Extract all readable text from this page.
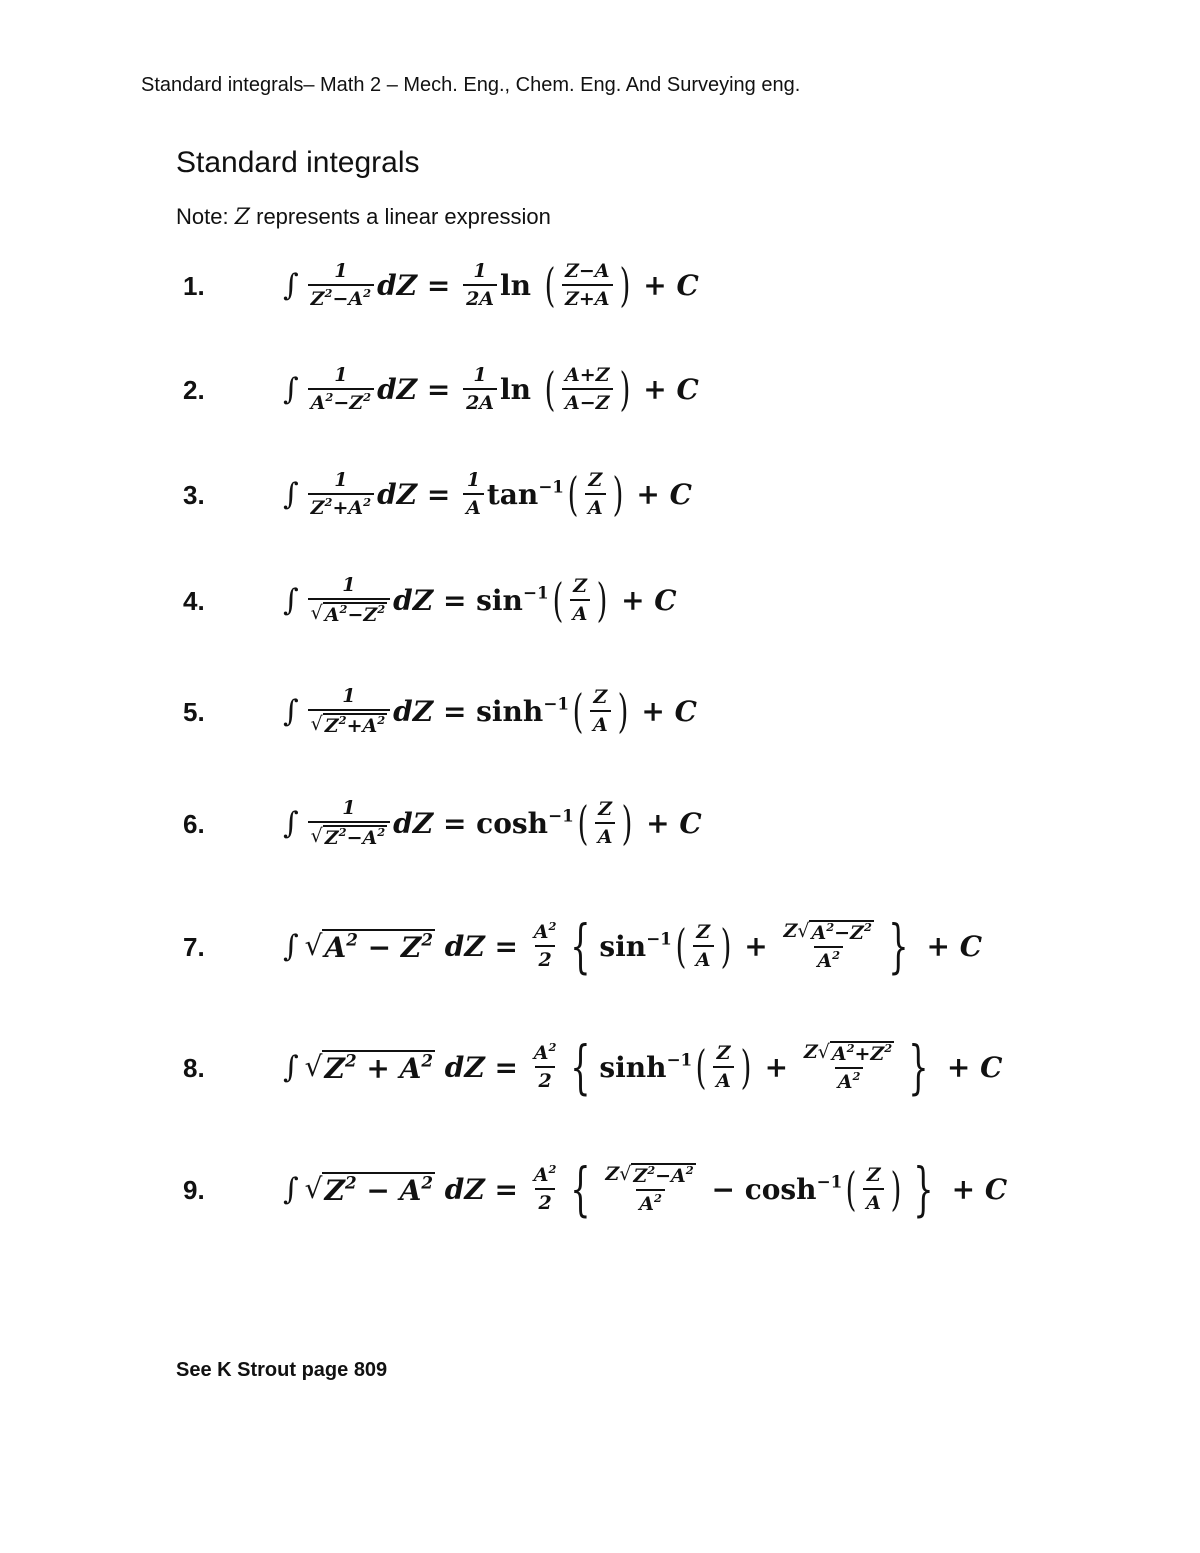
Standard integrals– Math 2 – Mech. Eng., Chem. Eng. And Surveying eng.
Standard integrals
Note: Z represents a linear expression
1.	∫ $\frac{1}{Z^2-A^2}$ dZ = $\frac{1}{2A}$ ln ( $\frac{Z-A}{Z+A}$ ) + C
2.	∫ $\frac{1}{A^2-Z^2}$ dZ = $\frac{1}{2A}$ ln ( $\frac{A+Z}{A-Z}$ ) + C
3.	∫ $\frac{1}{Z^2+A^2}$ dZ = $\frac{1}{A} \tan^{-1}$ ( $\frac{Z}{A}$ ) + C
4.	∫ $\frac{1}{√ A^2-Z^2}$ dZ = $\sin^{-1}$ ( $\frac{Z}{A}$ ) + C
5.	∫ $\frac{1}{√ Z^2+A^2}$ dZ = $\sinh^{-1}$ ( $\frac{Z}{A}$ ) + C
6.	∫ $\frac{1}{√ Z^2-A^2}$ dZ = $\cosh^{-1}$ ( $\frac{Z}{A}$ ) + C
7.	∫ √ $A^2 - Z^2$ dZ = $\frac{A^2}{2}$ { $\sin^{-1}$ ( $\frac{Z}{A}$ ) + $\frac{Z √ A^2-Z^2}{A^2}$ } + C
8.	∫ √ $Z^2 + A^2$ dZ = $\frac{A^2}{2}$ { $\sinh^{-1}$ ( $\frac{Z}{A}$ ) + $\frac{Z √ A^2+Z^2}{A^2}$ } + C
9.	∫ √ $Z^2 - A^2$ dZ = $\frac{A^2}{2}$ { $\frac{Z √ Z^2-A^2}{A^2} - \cosh^{-1}$ ( $\frac{Z}{A}$ ) } + C
See K Strout page 809
